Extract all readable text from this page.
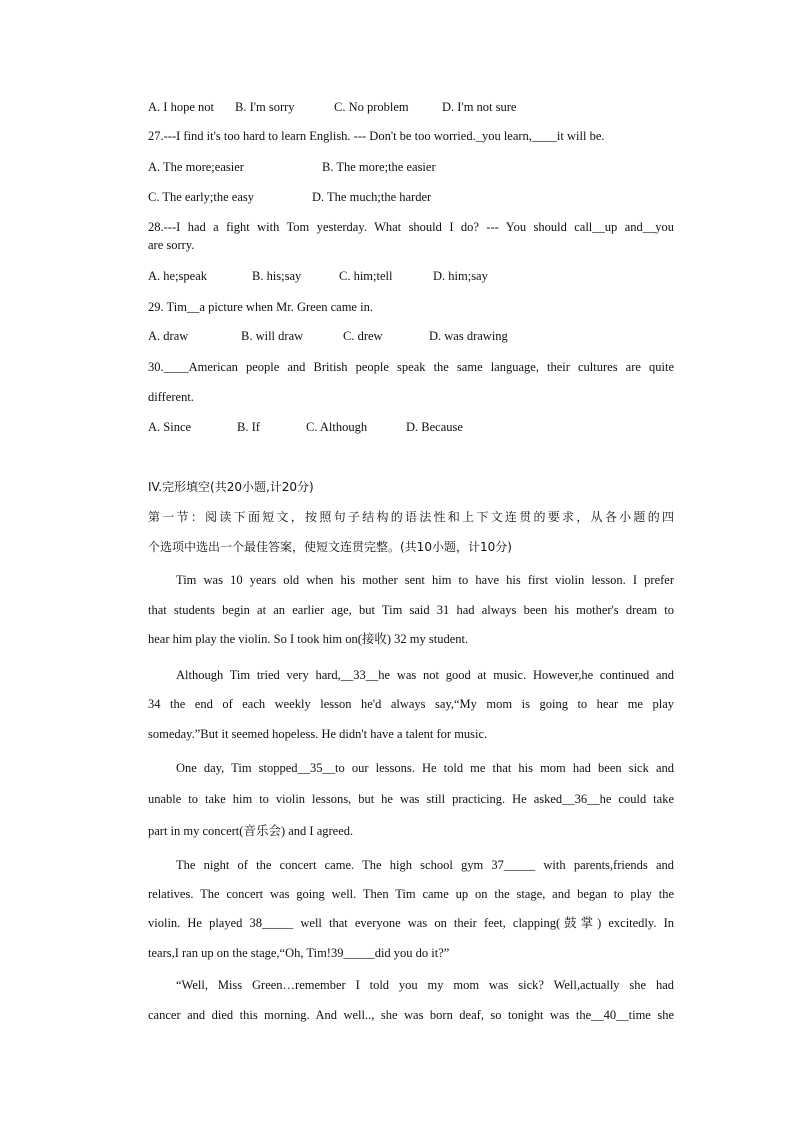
A. I hope not B. I'm sorry	C. No problem	D. I'm not sure
27.---I find it's too hard to learn English. --- Don't be too worried._you learn,____it will be.
A. The more;easier	B. The more;the easier
C. The early;the easy	D. The much;the harder
28.---I had a fight with Tom yesterday. What should I do? --- You should call__up and__you
are sorry.
A. he;speak	B. his;say	C. him;tell	D. him;say
29. Tim__a picture when Mr. Green came in.
A. draw	B. will draw	C. drew	D. was drawing
30.____American people and British people speak the same language, their cultures are quite
different.
A. Since	B. If	C. Although	D. Because
IV.完形填空(共20小题,计20分)
第一节：阅读下面短文，按照句子结构的语法性和上下文连贯的要求，从各小题的四
个选项中选出一个最佳答案，使短文连贯完整。(共10小题，计10分)
Tim was 10 years old when his mother sent him to have his first violin lesson. I prefer
that students begin at an earlier age, but Tim said 31 had always been his mother's dream to
hear him play the violin. So I took him on(接收) 32 my student.
Although Tim tried very hard,__33__he was not good at music. However,he continued and
34 the end of each weekly lesson he'd always say,“My mom is going to hear me play
someday.”But it seemed hopeless. He didn't have a talent for music.
One day, Tim stopped__35__to our lessons. He told me that his mom had been sick and
unable to take him to violin lessons, but he was still practicing. He asked__36__he could take
part in my concert(音乐会) and I agreed.
The night of the concert came. The high school gym 37_____ with parents,friends and
relatives. The concert was going well. Then Tim came up on the stage, and began to play the
violin. He played 38_____ well that everyone was on their feet, clapping(鼓掌) excitedly. In
tears,I ran up on the stage,“Oh, Tim!39_____did you do it?”
“Well, Miss Green…remember I told you my mom was sick? Well,actually she had
cancer and died this morning. And well.., she was born deaf, so tonight was the__40__time she
